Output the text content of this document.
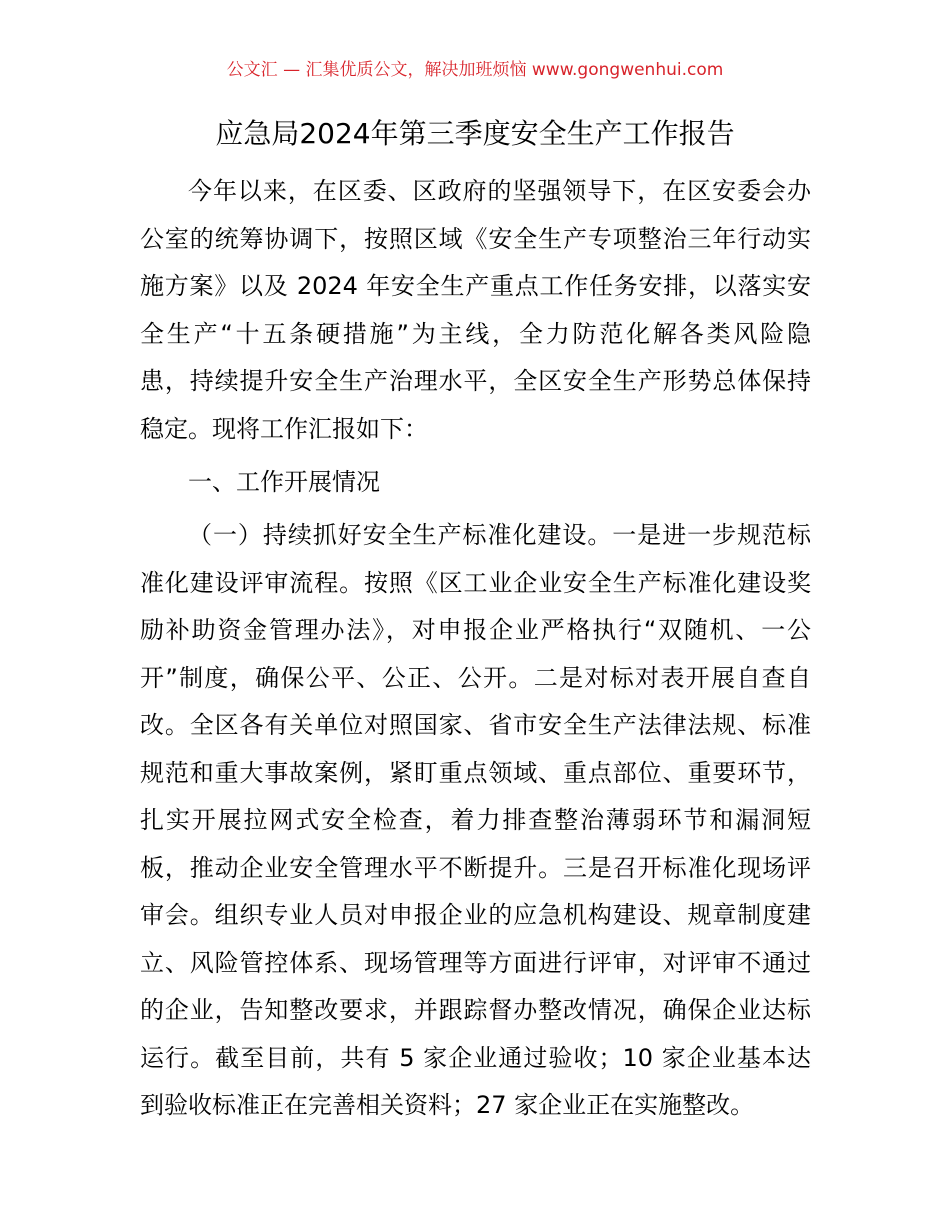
公文汇 — 汇集优质公文，解决加班烦恼 www.gongwenhui.com
应急局2024年第三季度安全生产工作报告
今年以来，在区委、区政府的坚强领导下，在区安委会办
公室的统筹协调下，按照区域《安全生产专项整治三年行动实
施方案》以及 2024 年安全生产重点工作任务安排，以落实安
全生产“十五条硬措施”为主线，全力防范化解各类风险隐
患，持续提升安全生产治理水平，全区安全生产形势总体保持
稳定。现将工作汇报如下：
一、工作开展情况
（一）持续抓好安全生产标准化建设。一是进一步规范标
准化建设评审流程。按照《区工业企业安全生产标准化建设奖
励补助资金管理办法》，对申报企业严格执行“双随机、一公
开”制度，确保公平、公正、公开。二是对标对表开展自查自
改。全区各有关单位对照国家、省市安全生产法律法规、标准
规范和重大事故案例，紧盯重点领域、重点部位、重要环节，
扎实开展拉网式安全检查，着力排查整治薄弱环节和漏洞短
板，推动企业安全管理水平不断提升。三是召开标准化现场评
审会。组织专业人员对申报企业的应急机构建设、规章制度建
立、风险管控体系、现场管理等方面进行评审，对评审不通过
的企业，告知整改要求，并跟踪督办整改情况，确保企业达标
运行。截至目前，共有 5 家企业通过验收；10 家企业基本达
到验收标准正在完善相关资料；27 家企业正在实施整改。
